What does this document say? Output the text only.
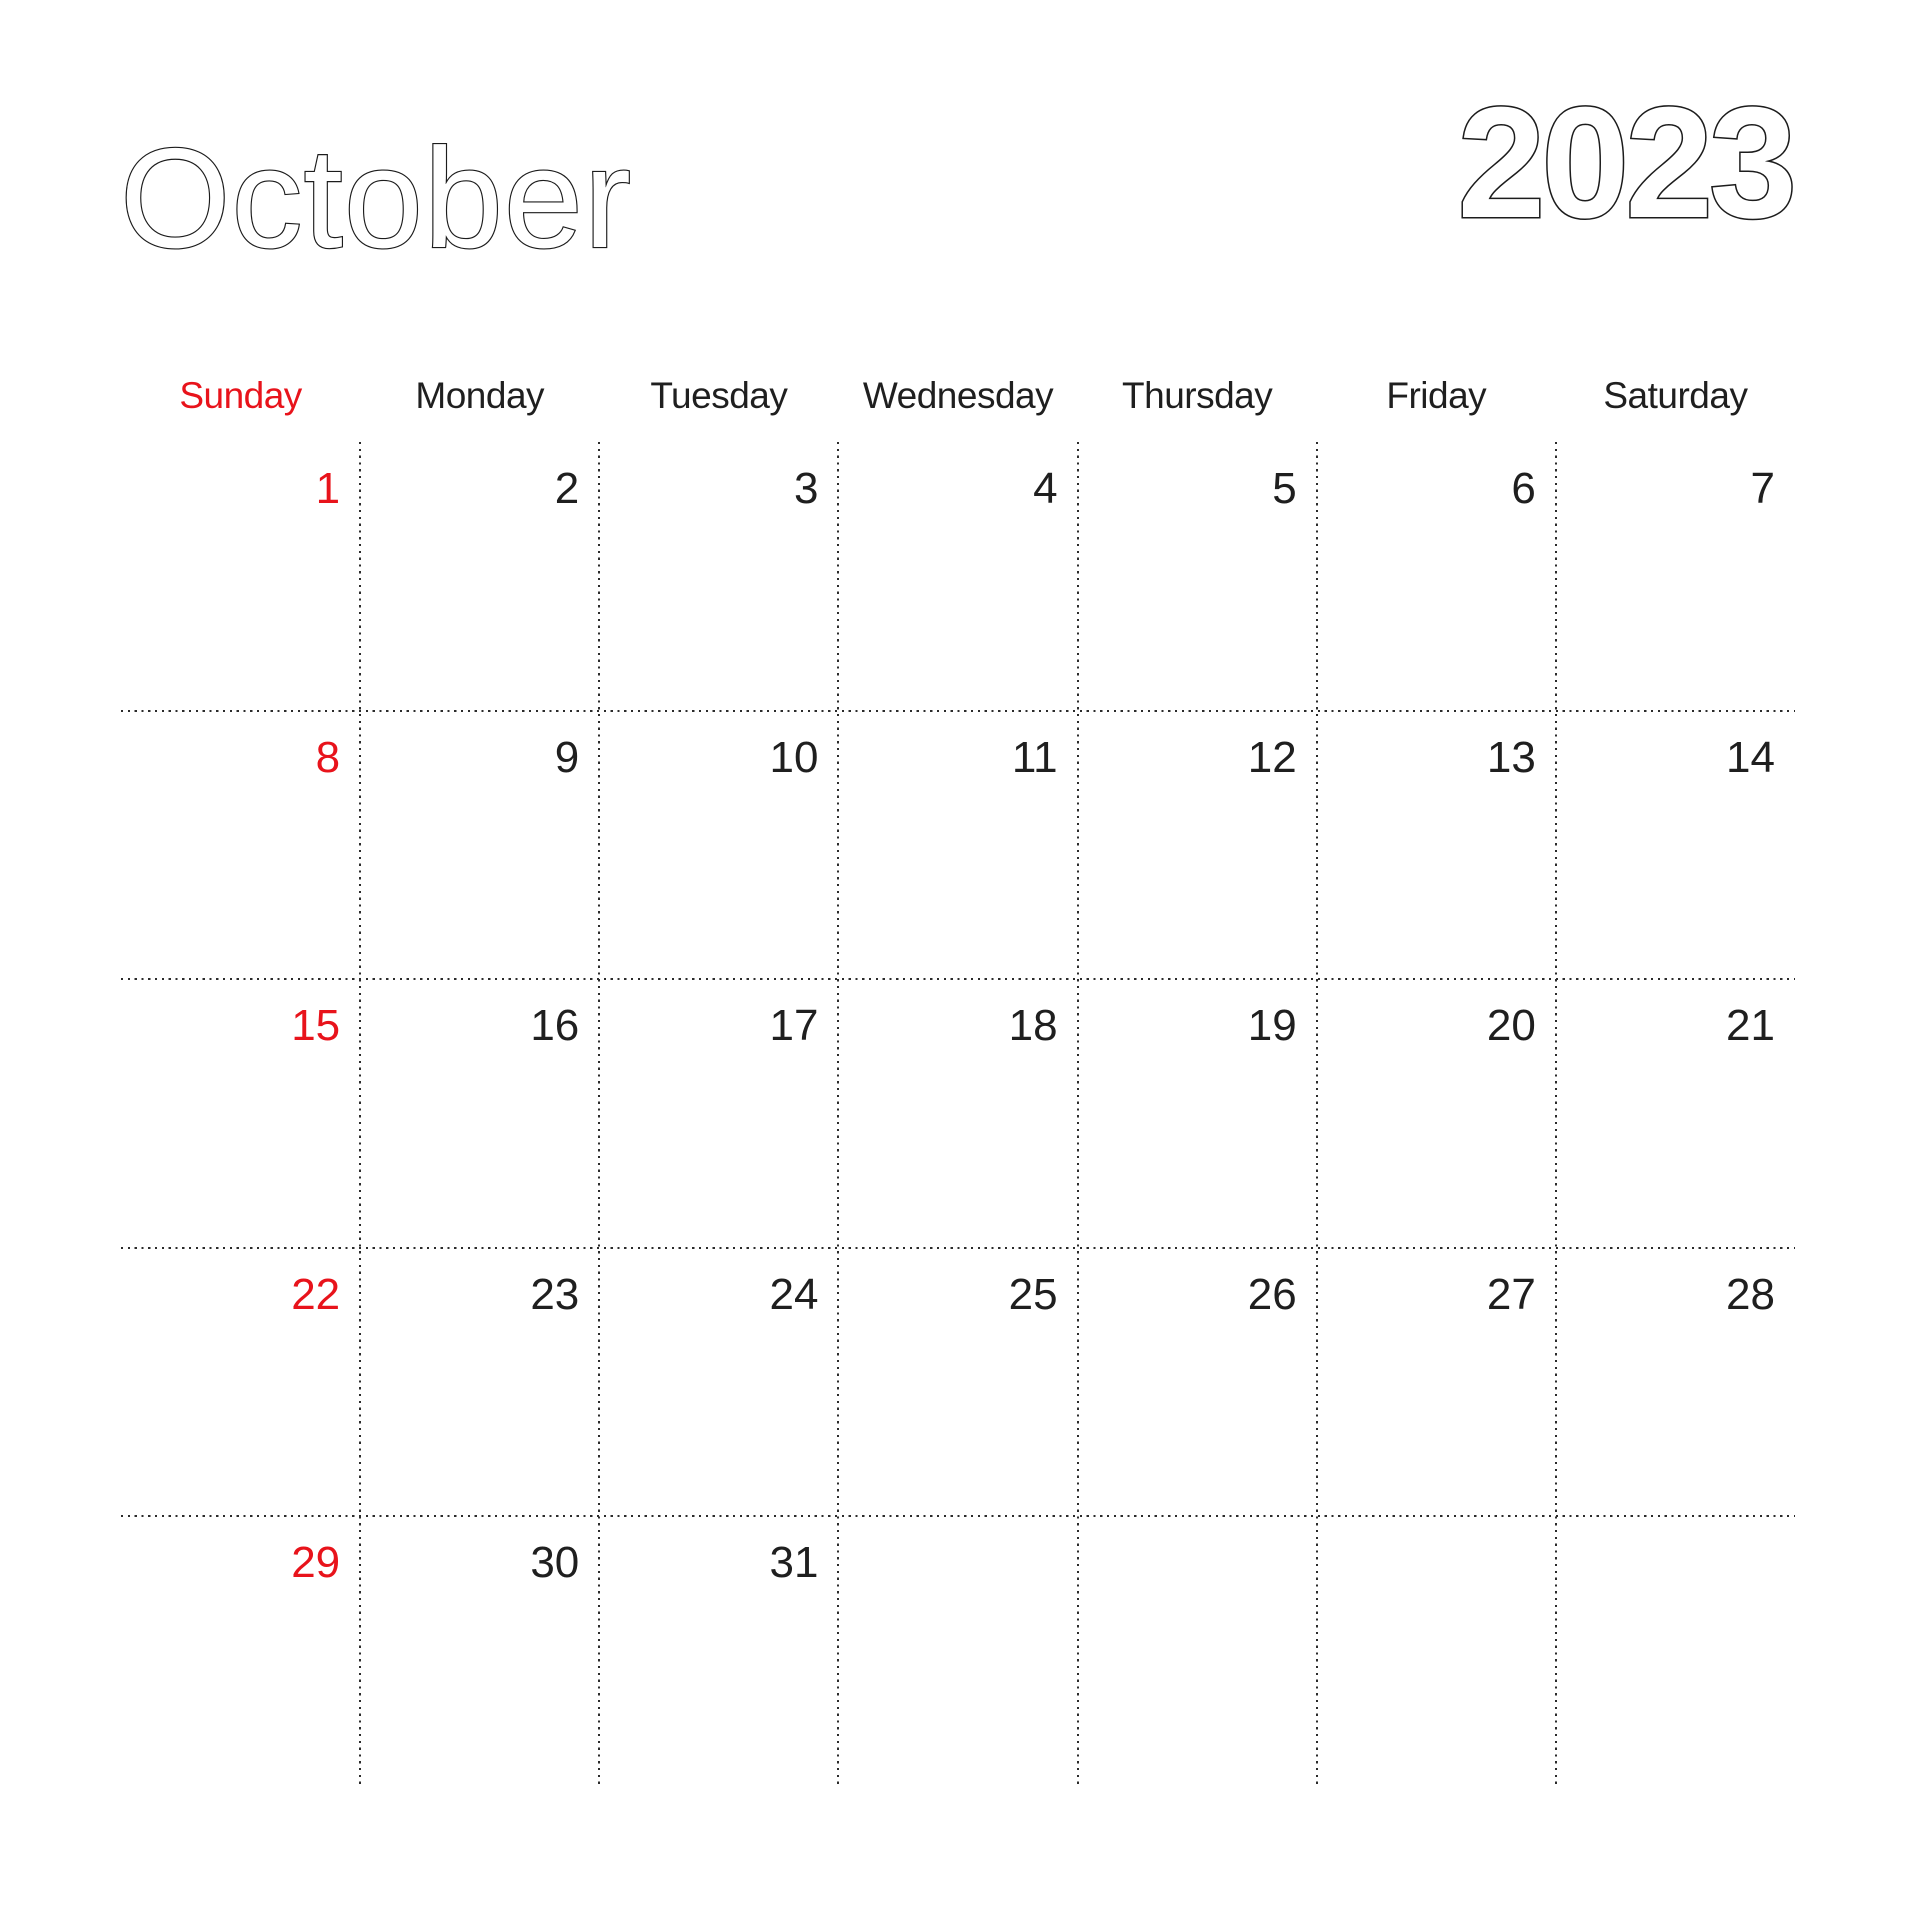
October	2023
Sunday	Monday	Tuesday	Wednesday	Thursday	Friday	Saturday
1	2	3	4	5	6	7
8	9	10	11	12	13	14
15	16	17	18	19	20	21
22	23	24	25	26	27	28
29	30	31
